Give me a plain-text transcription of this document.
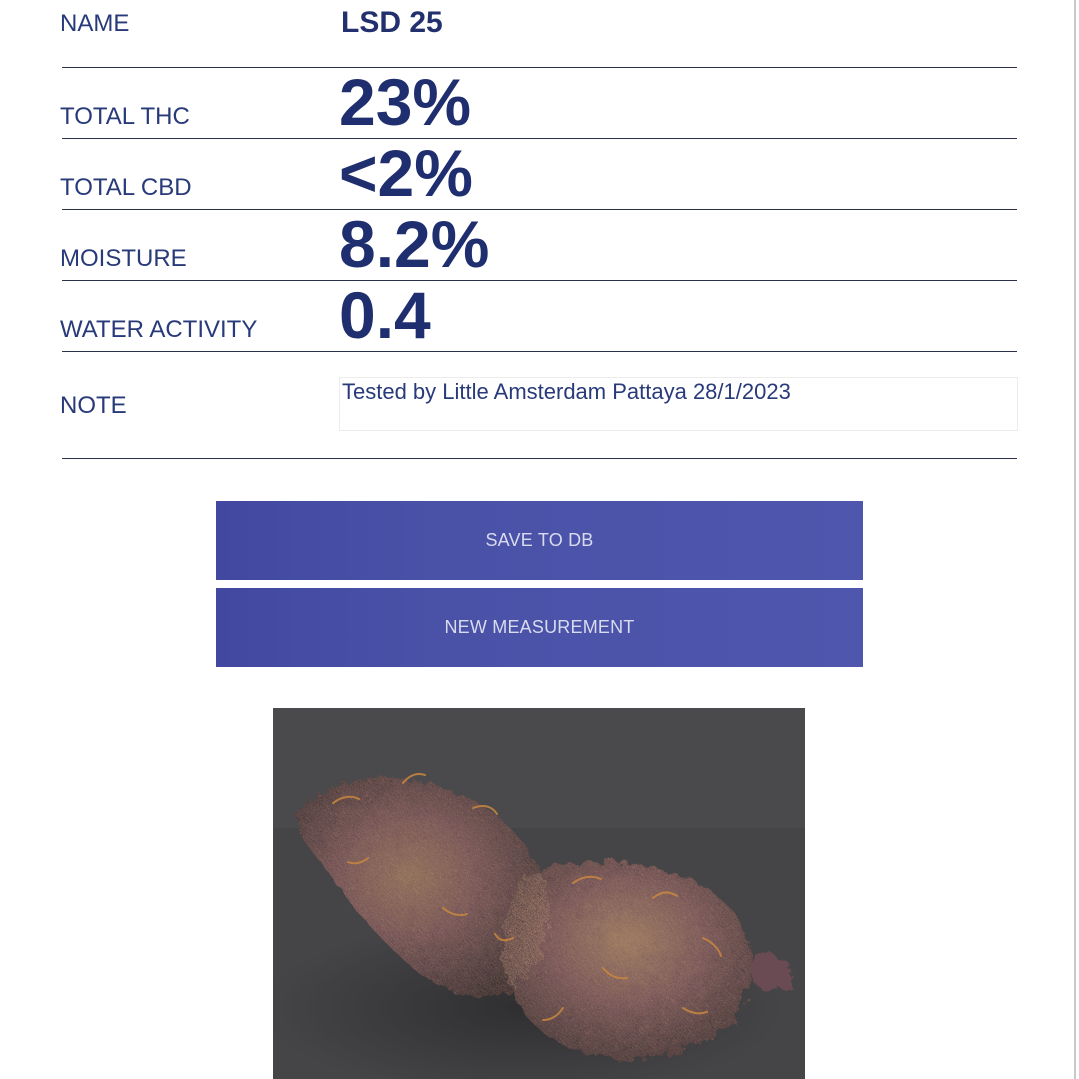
NAME	LSD 25
TOTAL THC 23%
TOTAL CBD <2%
MOISTURE 8.2%
WATER ACTIVITY 0.4
NOTE
Tested by Little Amsterdam Pattaya 28/1/2023
SAVE TO DB
NEW MEASUREMENT
